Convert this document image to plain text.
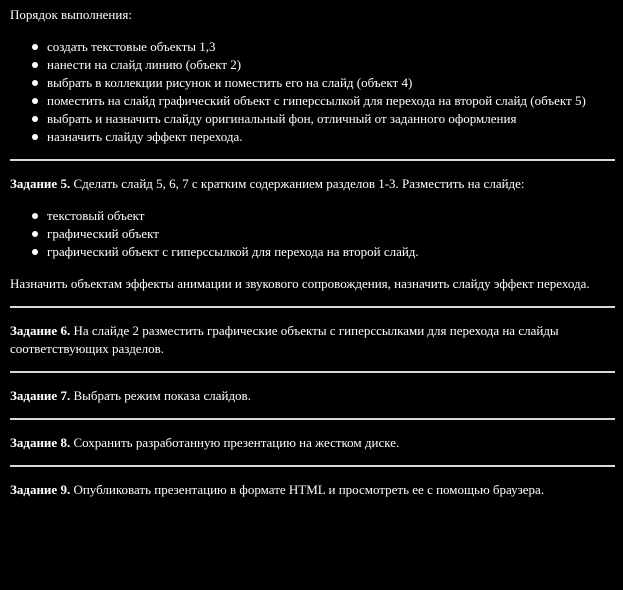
Порядок выполнения:

создать текстовые объекты 1,3
нанести на слайд линию (объект 2)
выбрать в коллекции рисунок и поместить его на слайд (объект 4)
поместить на слайд графический объект с гиперссылкой для перехода на второй слайд (объект 5)
выбрать и назначить слайду оригинальный фон, отличный от заданного оформления
назначить слайду эффект перехода.

Задание 5. Сделать слайд 5, 6, 7 с кратким содержанием разделов 1-3. Разместить на слайде:

текстовый объект
графический объект
графический объект с гиперссылкой для перехода на второй слайд.

Назначить объектам эффекты анимации и звукового сопровождения, назначить слайду эффект перехода.

Задание 6. На слайде 2 разместить графические объекты с гиперссылками для перехода на слайды соответствующих разделов.

Задание 7. Выбрать режим показа слайдов.

Задание 8. Сохранить разработанную презентацию на жестком диске.

Задание 9. Опубликовать презентацию в формате HTML и просмотреть ее с помощью браузера.
